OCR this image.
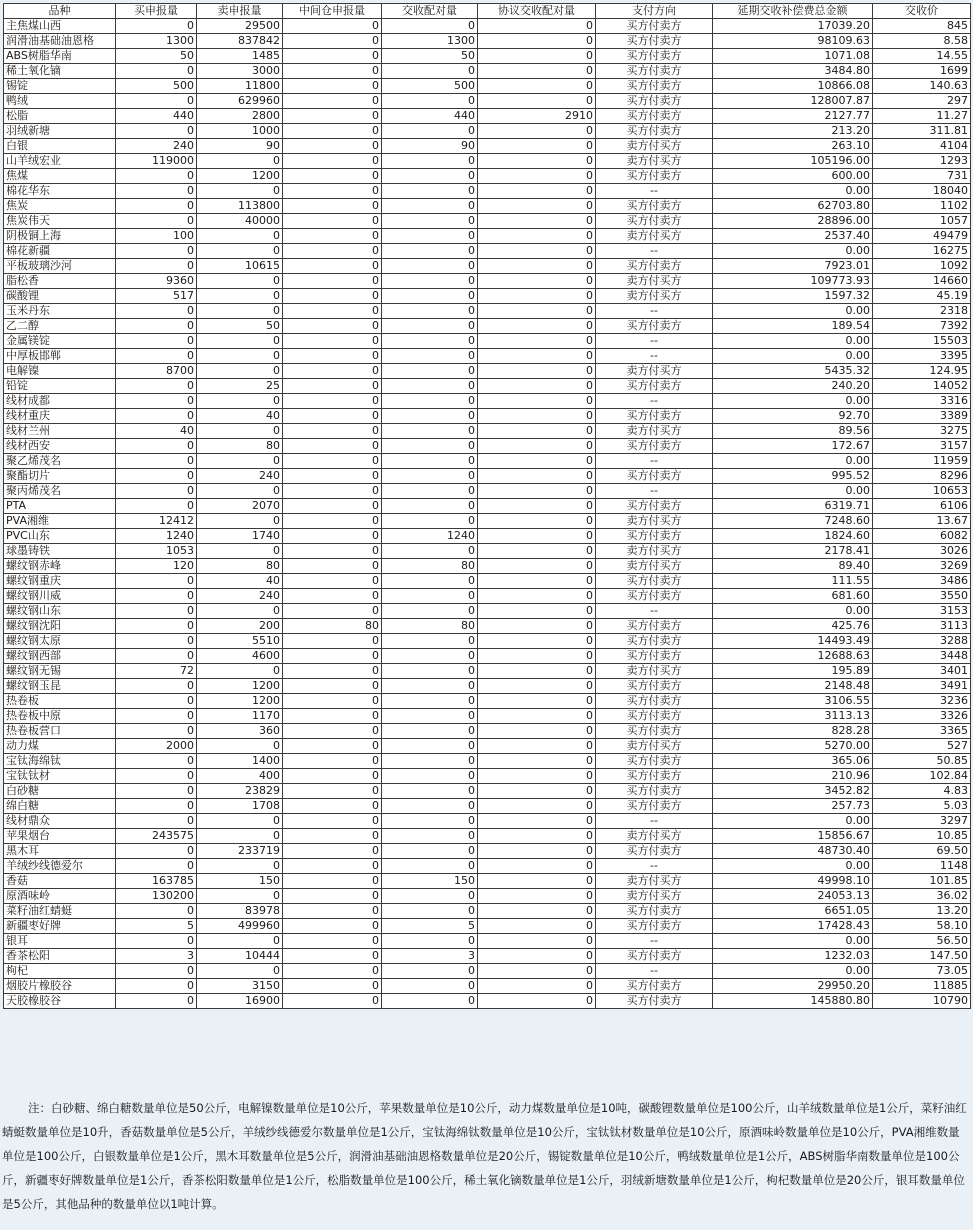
品种	买申报量	卖申报量	中间仓申报量	交收配对量	协议交收配对量	支付方向	延期交收补偿费总金额	交收价
主焦煤山西	0	29500	0	0	0	买方付卖方	17039.20	845
润滑油基础油恩格	1300	837842	0	1300	0	买方付卖方	98109.63	8.58
ABS树脂华南	50	1485	0	50	0	买方付卖方	1071.08	14.55
稀土氧化镝	0	3000	0	0	0	买方付卖方	3484.80	1699
锡锭	500	11800	0	500	0	买方付卖方	10866.08	140.63
鸭绒	0	629960	0	0	0	买方付卖方	128007.87	297
松脂	440	2800	0	440	2910	买方付卖方	2127.77	11.27
羽绒新塘	0	1000	0	0	0	买方付卖方	213.20	311.81
白银	240	90	0	90	0	卖方付买方	263.10	4104
山羊绒宏业	119000	0	0	0	0	卖方付买方	105196.00	1293
焦煤	0	1200	0	0	0	买方付卖方	600.00	731
棉花华东	0	0	0	0	0	--	0.00	18040
焦炭	0	113800	0	0	0	买方付卖方	62703.80	1102
焦炭伟天	0	40000	0	0	0	买方付卖方	28896.00	1057
阴极铜上海	100	0	0	0	0	卖方付买方	2537.40	49479
棉花新疆	0	0	0	0	0	--	0.00	16275
平板玻璃沙河	0	10615	0	0	0	买方付卖方	7923.01	1092
脂松香	9360	0	0	0	0	卖方付买方	109773.93	14660
碳酸锂	517	0	0	0	0	卖方付买方	1597.32	45.19
玉米丹东	0	0	0	0	0	--	0.00	2318
乙二醇	0	50	0	0	0	买方付卖方	189.54	7392
金属镁锭	0	0	0	0	0	--	0.00	15503
中厚板邯郸	0	0	0	0	0	--	0.00	3395
电解镍	8700	0	0	0	0	卖方付买方	5435.32	124.95
铅锭	0	25	0	0	0	买方付卖方	240.20	14052
线材成都	0	0	0	0	0	--	0.00	3316
线材重庆	0	40	0	0	0	买方付卖方	92.70	3389
线材兰州	40	0	0	0	0	卖方付买方	89.56	3275
线材西安	0	80	0	0	0	买方付卖方	172.67	3157
聚乙烯茂名	0	0	0	0	0	--	0.00	11959
聚酯切片	0	240	0	0	0	买方付卖方	995.52	8296
聚丙烯茂名	0	0	0	0	0	--	0.00	10653
PTA	0	2070	0	0	0	买方付卖方	6319.71	6106
PVA湘维	12412	0	0	0	0	卖方付买方	7248.60	13.67
PVC山东	1240	1740	0	1240	0	买方付卖方	1824.60	6082
球墨铸铁	1053	0	0	0	0	卖方付买方	2178.41	3026
螺纹钢赤峰	120	80	0	80	0	卖方付买方	89.40	3269
螺纹钢重庆	0	40	0	0	0	买方付卖方	111.55	3486
螺纹钢川威	0	240	0	0	0	买方付卖方	681.60	3550
螺纹钢山东	0	0	0	0	0	--	0.00	3153
螺纹钢沈阳	0	200	80	80	0	买方付卖方	425.76	3113
螺纹钢太原	0	5510	0	0	0	买方付卖方	14493.49	3288
螺纹钢西部	0	4600	0	0	0	买方付卖方	12688.63	3448
螺纹钢无锡	72	0	0	0	0	卖方付买方	195.89	3401
螺纹钢玉昆	0	1200	0	0	0	买方付卖方	2148.48	3491
热卷板	0	1200	0	0	0	买方付卖方	3106.55	3236
热卷板中原	0	1170	0	0	0	买方付卖方	3113.13	3326
热卷板营口	0	360	0	0	0	买方付卖方	828.28	3365
动力煤	2000	0	0	0	0	卖方付买方	5270.00	527
宝钛海绵钛	0	1400	0	0	0	买方付卖方	365.06	50.85
宝钛钛材	0	400	0	0	0	买方付卖方	210.96	102.84
白砂糖	0	23829	0	0	0	买方付卖方	3452.82	4.83
绵白糖	0	1708	0	0	0	买方付卖方	257.73	5.03
线材鼎众	0	0	0	0	0	--	0.00	3297
苹果烟台	243575	0	0	0	0	卖方付买方	15856.67	10.85
黑木耳	0	233719	0	0	0	买方付卖方	48730.40	69.50
羊绒纱线德爱尔	0	0	0	0	0	--	0.00	1148
香菇	163785	150	0	150	0	卖方付买方	49998.10	101.85
原酒味岭	130200	0	0	0	0	卖方付买方	24053.13	36.02
菜籽油红蜻蜓	0	83978	0	0	0	买方付卖方	6651.05	13.20
新疆枣好牌	5	499960	0	5	0	买方付卖方	17428.43	58.10
银耳	0	0	0	0	0	--	0.00	56.50
香茶松阳	3	10444	0	3	0	买方付卖方	1232.03	147.50
枸杞	0	0	0	0	0	--	0.00	73.05
烟胶片橡胶谷	0	3150	0	0	0	买方付卖方	29950.20	11885
天胶橡胶谷	0	16900	0	0	0	买方付卖方	145880.80	10790
注：白砂糖、绵白糖数量单位是50公斤，电解镍数量单位是10公斤，苹果数量单位是10公斤，动力煤数量单位是10吨，碳酸锂数量单位是100公斤，山羊绒数量单位是1公斤，菜籽油红蜻蜓数量单位是10升，香菇数量单位是5公斤，羊绒纱线德爱尔数量单位是1公斤，宝钛海绵钛数量单位是10公斤，宝钛钛材数量单位是10公斤，原酒味岭数量单位是10公斤，PVA湘维数量单位是100公斤，白银数量单位是1公斤，黑木耳数量单位是5公斤，润滑油基础油恩格数量单位是20公斤，锡锭数量单位是10公斤，鸭绒数量单位是1公斤，ABS树脂华南数量单位是100公斤，新疆枣好牌数量单位是1公斤，香茶松阳数量单位是1公斤，松脂数量单位是100公斤，稀土氧化镝数量单位是1公斤，羽绒新塘数量单位是1公斤，枸杞数量单位是20公斤，银耳数量单位是5公斤，其他品种的数量单位以1吨计算。
